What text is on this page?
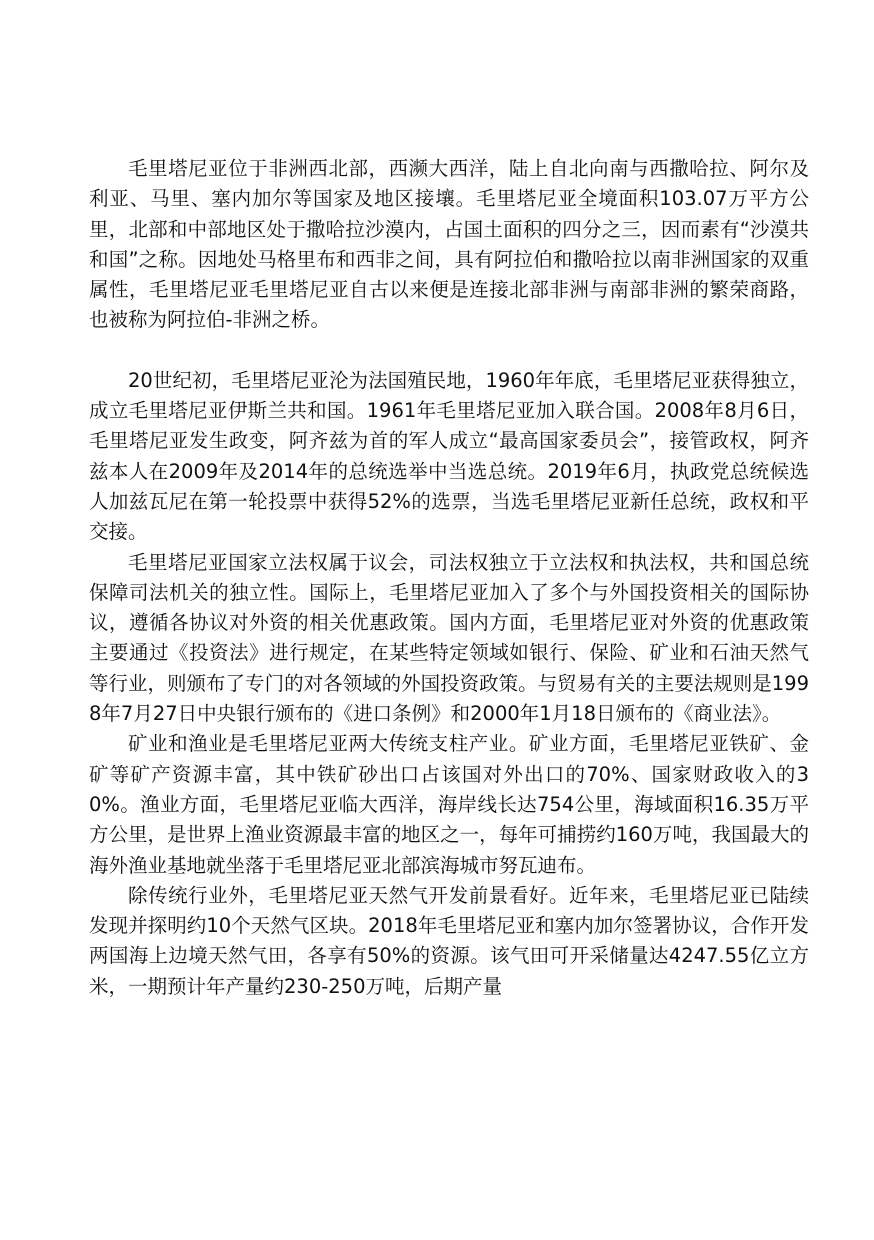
毛里塔尼亚位于非洲西北部，西濒大西洋，陆上自北向南与西撒哈拉、阿尔及利亚、马里、塞内加尔等国家及地区接壤。毛里塔尼亚全境面积103.07万平方公里，北部和中部地区处于撒哈拉沙漠内，占国土面积的四分之三，因而素有“沙漠共和国”之称。因地处马格里布和西非之间，具有阿拉伯和撒哈拉以南非洲国家的双重属性，毛里塔尼亚毛里塔尼亚自古以来便是连接北部非洲与南部非洲的繁荣商路，也被称为阿拉伯-非洲之桥。

20世纪初，毛里塔尼亚沦为法国殖民地，1960年年底，毛里塔尼亚获得独立，成立毛里塔尼亚伊斯兰共和国。1961年毛里塔尼亚加入联合国。2008年8月6日，毛里塔尼亚发生政变，阿齐兹为首的军人成立“最高国家委员会”，接管政权，阿齐兹本人在2009年及2014年的总统选举中当选总统。2019年6月，执政党总统候选人加兹瓦尼在第一轮投票中获得52%的选票，当选毛里塔尼亚新任总统，政权和平交接。

毛里塔尼亚国家立法权属于议会，司法权独立于立法权和执法权，共和国总统保障司法机关的独立性。国际上，毛里塔尼亚加入了多个与外国投资相关的国际协议，遵循各协议对外资的相关优惠政策。国内方面，毛里塔尼亚对外资的优惠政策主要通过《投资法》进行规定，在某些特定领域如银行、保险、矿业和石油天然气等行业，则颁布了专门的对各领域的外国投资政策。与贸易有关的主要法规则是1998年7月27日中央银行颁布的《进口条例》和2000年1月18日颁布的《商业法》。

矿业和渔业是毛里塔尼亚两大传统支柱产业。矿业方面，毛里塔尼亚铁矿、金矿等矿产资源丰富，其中铁矿砂出口占该国对外出口的70%、国家财政收入的30%。渔业方面，毛里塔尼亚临大西洋，海岸线长达754公里，海域面积16.35万平方公里，是世界上渔业资源最丰富的地区之一，每年可捕捞约160万吨，我国最大的海外渔业基地就坐落于毛里塔尼亚北部滨海城市努瓦迪布。

除传统行业外，毛里塔尼亚天然气开发前景看好。近年来，毛里塔尼亚已陆续发现并探明约10个天然气区块。2018年毛里塔尼亚和塞内加尔签署协议，合作开发两国海上边境天然气田，各享有50%的资源。该气田可开采储量达4247.55亿立方米，一期预计年产量约230-250万吨，后期产量
